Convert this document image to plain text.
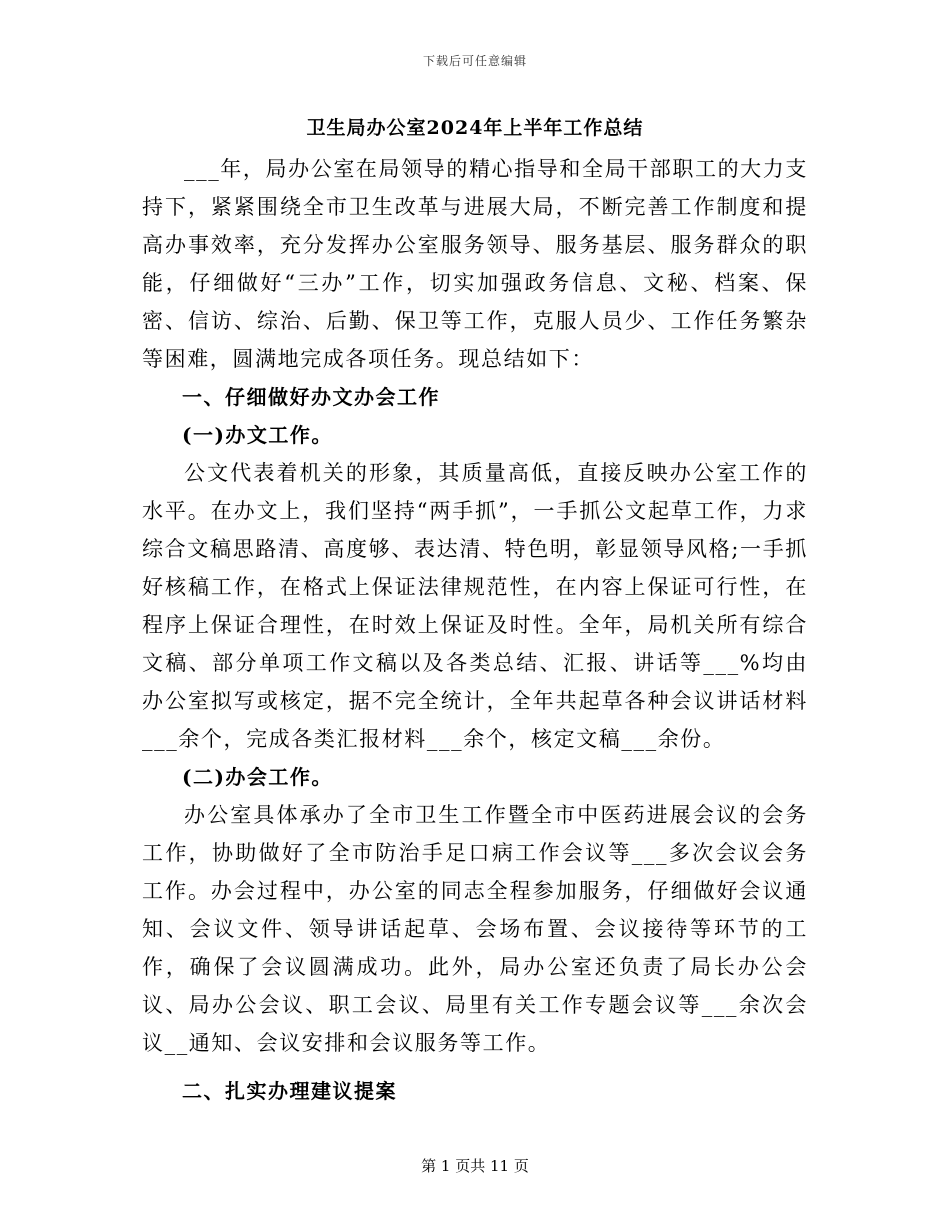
下载后可任意编辑
卫生局办公室2024年上半年工作总结

___年，局办公室在局领导的精心指导和全局干部职工的大力支持下，紧紧围绕全市卫生改革与进展大局，不断完善工作制度和提高办事效率，充分发挥办公室服务领导、服务基层、服务群众的职能，仔细做好“三办”工作，切实加强政务信息、文秘、档案、保密、信访、综治、后勤、保卫等工作，克服人员少、工作任务繁杂等困难，圆满地完成各项任务。现总结如下：

一、仔细做好办文办会工作

(一)办文工作。

公文代表着机关的形象，其质量高低，直接反映办公室工作的水平。在办文上，我们坚持“两手抓”，一手抓公文起草工作，力求综合文稿思路清、高度够、表达清、特色明，彰显领导风格;一手抓好核稿工作，在格式上保证法律规范性，在内容上保证可行性，在程序上保证合理性，在时效上保证及时性。全年，局机关所有综合文稿、部分单项工作文稿以及各类总结、汇报、讲话等___%均由办公室拟写或核定，据不完全统计，全年共起草各种会议讲话材料___余个，完成各类汇报材料___余个，核定文稿___余份。

(二)办会工作。

办公室具体承办了全市卫生工作暨全市中医药进展会议的会务工作，协助做好了全市防治手足口病工作会议等___多次会议会务工作。办会过程中，办公室的同志全程参加服务，仔细做好会议通知、会议文件、领导讲话起草、会场布置、会议接待等环节的工作，确保了会议圆满成功。此外，局办公室还负责了局长办公会议、局办公会议、职工会议、局里有关工作专题会议等___余次会议__通知、会议安排和会议服务等工作。

二、扎实办理建议提案

第 1 页共 11 页
